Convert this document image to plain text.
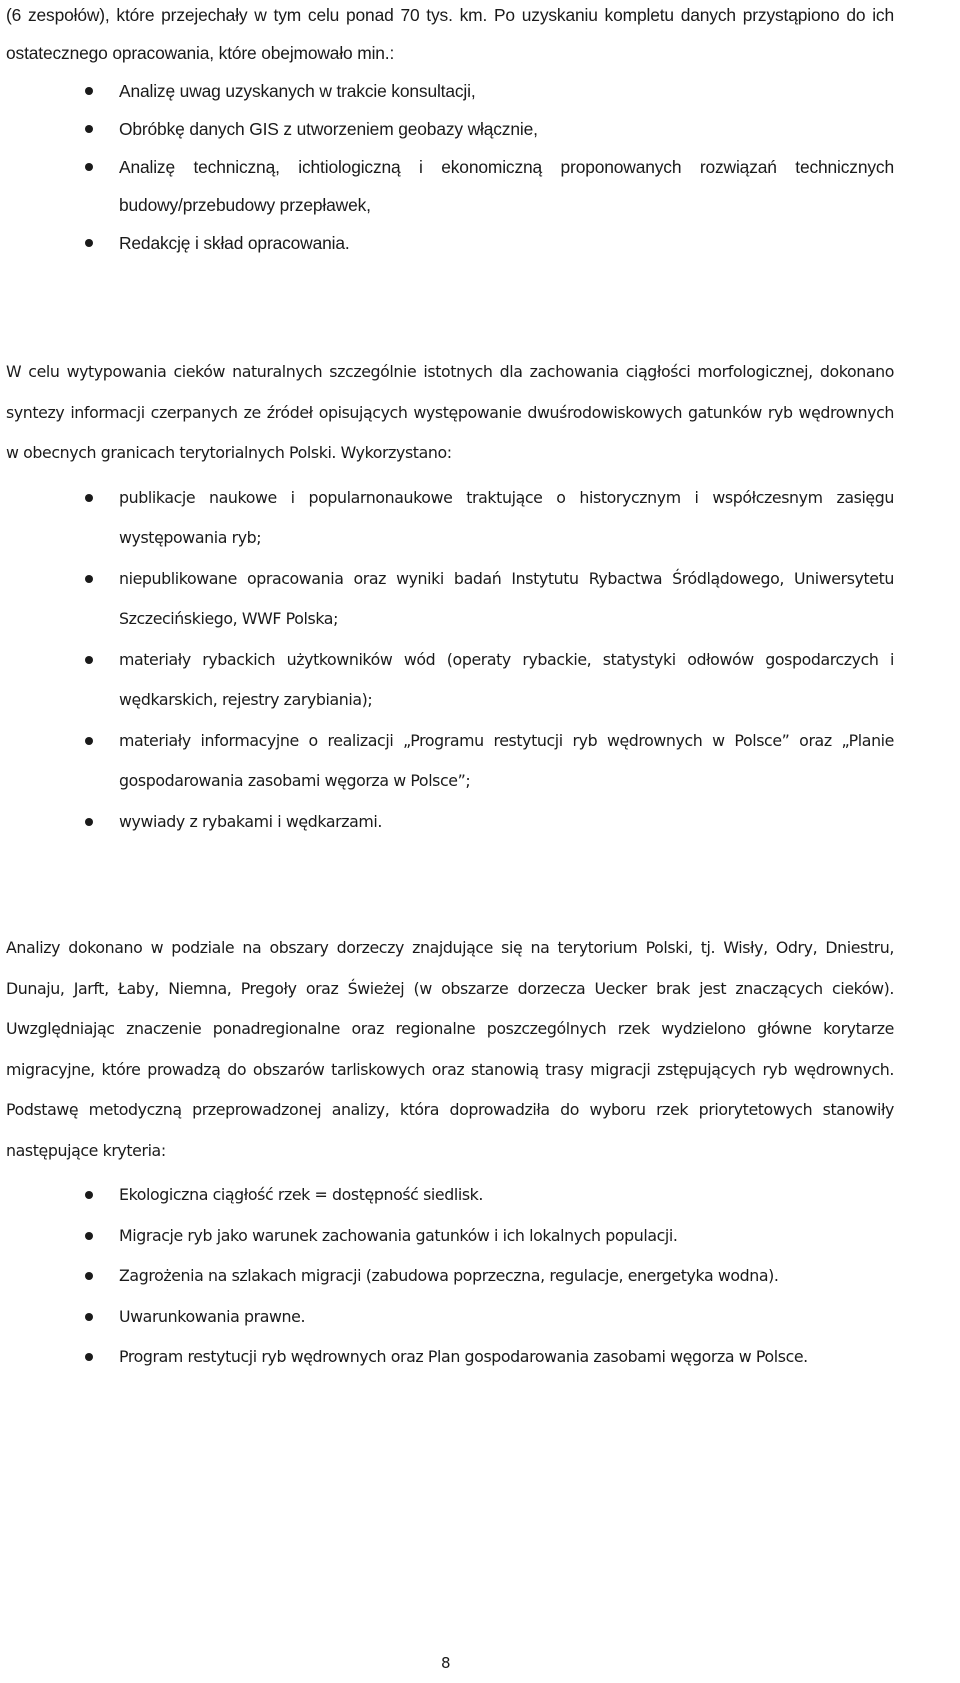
(6 zespołów), które przejechały w tym celu ponad 70 tys. km. Po uzyskaniu kompletu danych przystąpiono do ich ostatecznego opracowania, które obejmowało min.:
Analizę uwag uzyskanych w trakcie konsultacji,
Obróbkę danych GIS z utworzeniem geobazy włącznie,
Analizę techniczną, ichtiologiczną i ekonomiczną proponowanych rozwiązań technicznych budowy/przebudowy przepławek,
Redakcję i skład opracowania.
W celu wytypowania cieków naturalnych szczególnie istotnych dla zachowania ciągłości morfologicznej, dokonano syntezy informacji czerpanych ze źródeł opisujących występowanie dwuśrodowiskowych gatunków ryb wędrownych w obecnych granicach terytorialnych Polski. Wykorzystano:
publikacje naukowe i popularnonaukowe traktujące o historycznym i współczesnym zasięgu występowania ryb;
niepublikowane opracowania oraz wyniki badań Instytutu Rybactwa Śródlądowego, Uniwersytetu Szczecińskiego, WWF Polska;
materiały rybackich użytkowników wód (operaty rybackie, statystyki odłowów gospodarczych i wędkarskich, rejestry zarybiania);
materiały informacyjne o realizacji „Programu restytucji ryb wędrownych w Polsce” oraz „Planie gospodarowania zasobami węgorza w Polsce”;
wywiady z rybakami i wędkarzami.
Analizy dokonano w podziale na obszary dorzeczy znajdujące się na terytorium Polski, tj. Wisły, Odry, Dniestru, Dunaju, Jarft, Łaby, Niemna, Pregoły oraz Świeżej (w obszarze dorzecza Uecker brak jest znaczących cieków). Uwzględniając znaczenie ponadregionalne oraz regionalne poszczególnych rzek wydzielono główne korytarze migracyjne, które prowadzą do obszarów tarliskowych oraz stanowią trasy migracji zstępujących ryb wędrownych. Podstawę metodyczną przeprowadzonej analizy, która doprowadziła do wyboru rzek priorytetowych stanowiły następujące kryteria:
Ekologiczna ciągłość rzek = dostępność siedlisk.
Migracje ryb jako warunek zachowania gatunków i ich lokalnych populacji.
Zagrożenia na szlakach migracji (zabudowa poprzeczna, regulacje, energetyka wodna).
Uwarunkowania prawne.
Program restytucji ryb wędrownych oraz Plan gospodarowania zasobami węgorza w Polsce.
8
